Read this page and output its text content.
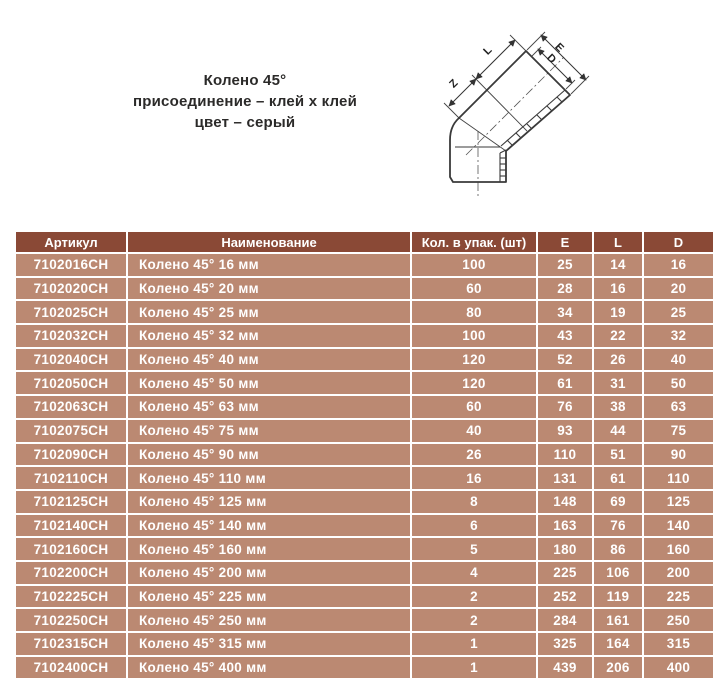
Колено 45°
присоединение – клей х клей
цвет – серый
Z
L	E
D
Артикул	Наименование	Кол. в упак. (шт)	E	L	D
7102016CH	Колено 45° 16 мм	100	25	14	16
7102020CH	Колено 45° 20 мм	60	28	16	20
7102025CH	Колено 45° 25 мм	80	34	19	25
7102032CH	Колено 45° 32 мм	100	43	22	32
7102040CH	Колено 45° 40 мм	120	52	26	40
7102050CH	Колено 45° 50 мм	120	61	31	50
7102063CH	Колено 45° 63 мм	60	76	38	63
7102075CH	Колено 45° 75 мм	40	93	44	75
7102090CH	Колено 45° 90 мм	26	110	51	90
7102110CH	Колено 45° 110 мм	16	131	61	110
7102125CH	Колено 45° 125 мм	8	148	69	125
7102140CH	Колено 45° 140 мм	6	163	76	140
7102160CH	Колено 45° 160 мм	5	180	86	160
7102200CH	Колено 45° 200 мм	4	225	106	200
7102225CH	Колено 45° 225 мм	2	252	119	225
7102250CH	Колено 45° 250 мм	2	284	161	250
7102315CH	Колено 45° 315 мм	1	325	164	315
7102400CH	Колено 45° 400 мм	1	439	206	400
